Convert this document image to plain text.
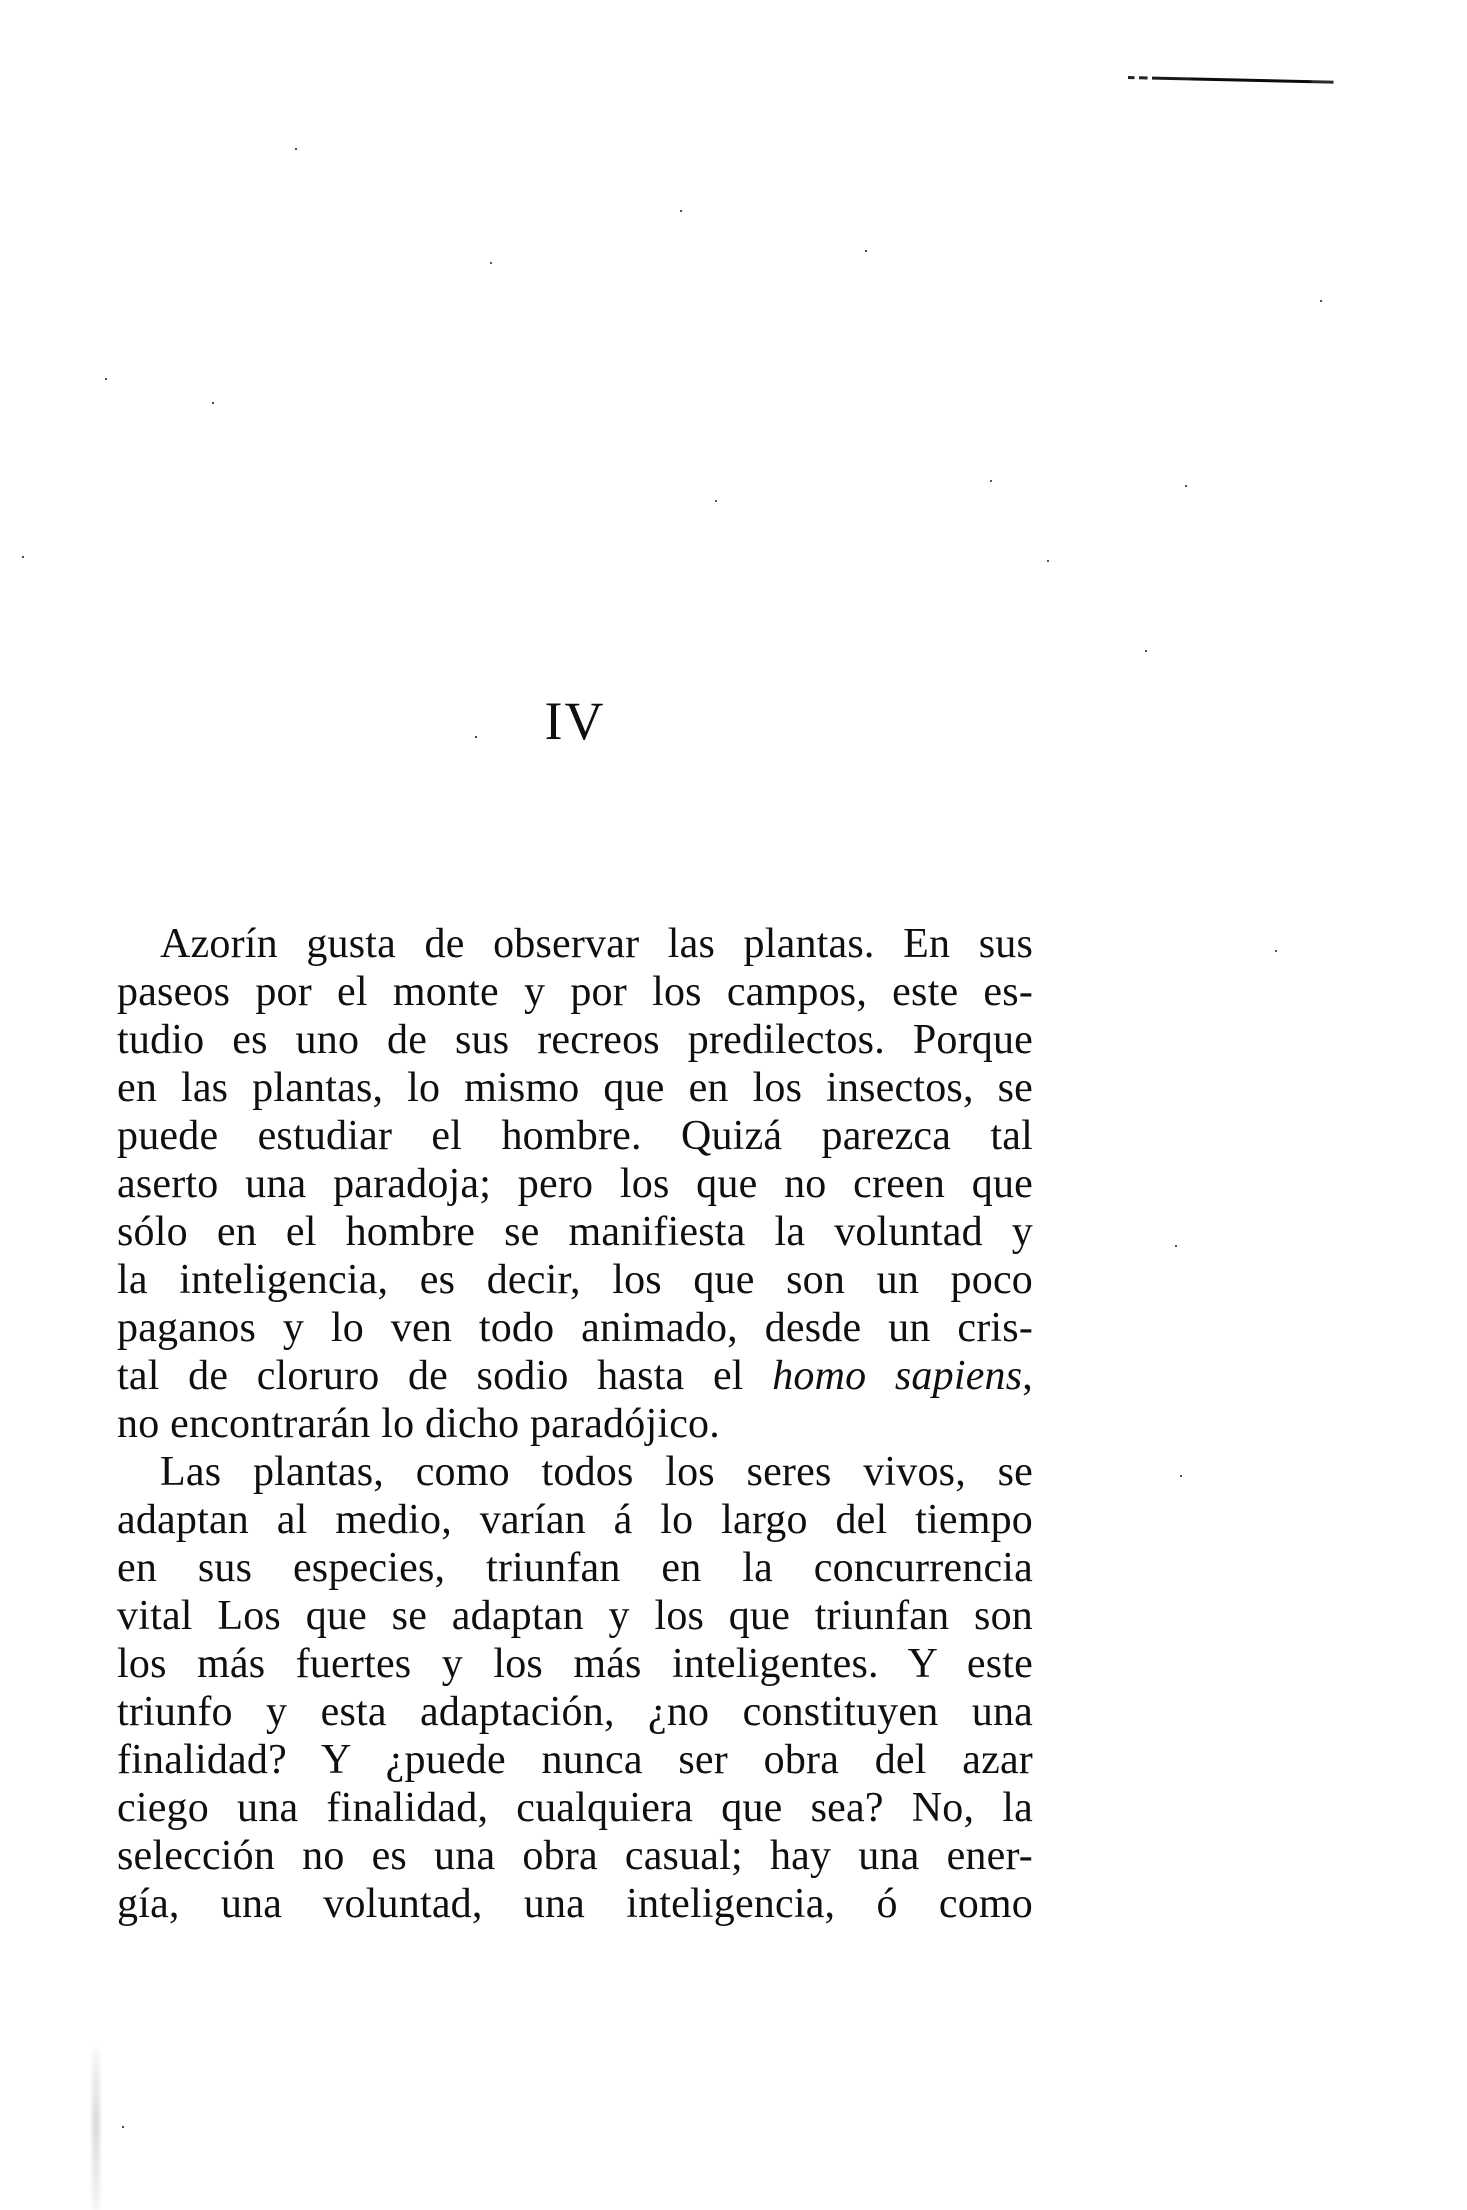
IV

Azorín gusta de observar las plantas. En sus

paseos por el monte y por los campos, este es-

tudio es uno de sus recreos predilectos. Porque

en las plantas, lo mismo que en los insectos, se

puede estudiar el hombre. Quizá parezca tal

aserto una paradoja; pero los que no creen que

sólo en el hombre se manifiesta la voluntad y

la inteligencia, es decir, los que son un poco

paganos y lo ven todo animado, desde un cris-

tal de cloruro de sodio hasta el homo sapiens,

no encontrarán lo dicho paradójico.

Las plantas, como todos los seres vivos, se

adaptan al medio, varían á lo largo del tiempo

en sus especies, triunfan en la concurrencia

vital Los que se adaptan y los que triunfan son

los más fuertes y los más inteligentes. Y este

triunfo y esta adaptación, ¿no constituyen una

finalidad? Y ¿puede nunca ser obra del azar

ciego una finalidad, cualquiera que sea? No, la

selección no es una obra casual; hay una ener-

gía, una voluntad, una inteligencia, ó como
